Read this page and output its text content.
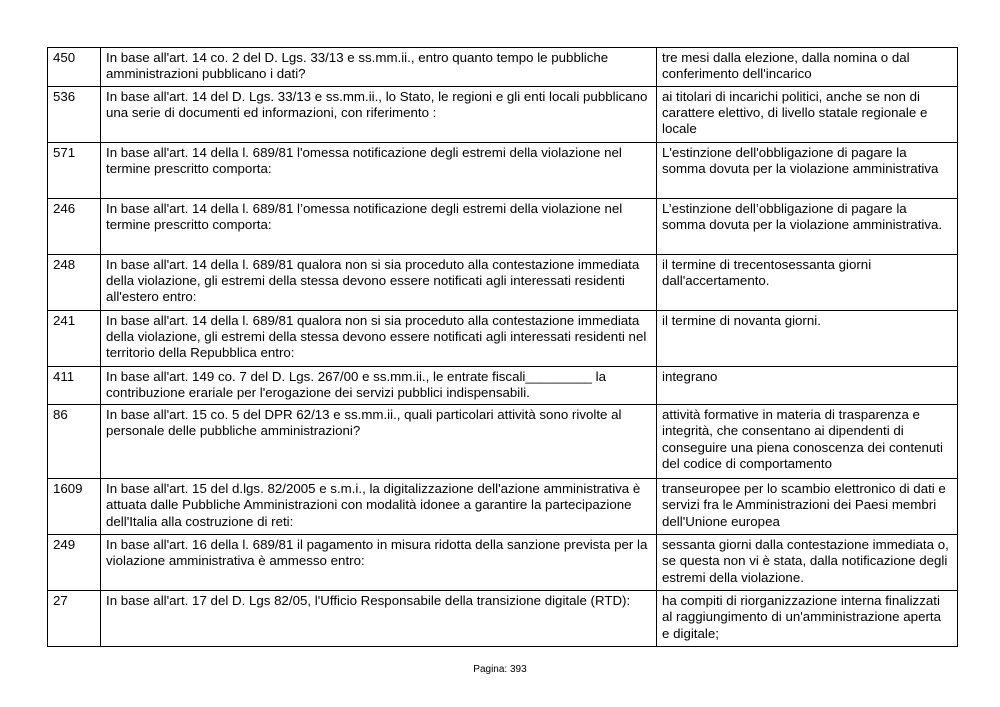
450	In base all'art. 14 co. 2 del D. Lgs. 33/13 e ss.mm.ii., entro quanto tempo le pubbliche amministrazioni pubblicano i dati?	tre mesi dalla elezione, dalla nomina o dal conferimento dell'incarico
536	In base all'art. 14 del D. Lgs. 33/13 e ss.mm.ii., lo Stato, le regioni e gli enti locali pubblicano una serie di documenti ed informazioni, con riferimento :	ai titolari di incarichi politici, anche se non di carattere elettivo, di livello statale regionale e locale
571	In base all'art. 14 della l. 689/81 l'omessa notificazione degli estremi della violazione nel termine prescritto comporta:	L'estinzione dell'obbligazione di pagare la somma dovuta per la violazione amministrativa
246	In base all'art. 14 della l. 689/81 l’omessa notificazione degli estremi della violazione nel termine prescritto comporta:	L’estinzione dell’obbligazione di pagare la somma dovuta per la violazione amministrativa.
248	In base all'art. 14 della l. 689/81 qualora non si sia proceduto alla contestazione immediata della violazione, gli estremi della stessa devono essere notificati agli interessati residenti all'estero entro:	il termine di trecentosessanta giorni dall'accertamento.
241	In base all'art. 14 della l. 689/81 qualora non si sia proceduto alla contestazione immediata della violazione, gli estremi della stessa devono essere notificati agli interessati residenti nel territorio della Repubblica entro:	il termine di novanta giorni.
411	In base all'art. 149 co. 7 del D. Lgs. 267/00 e ss.mm.ii., le entrate fiscali_________ la contribuzione erariale per l'erogazione dei servizi pubblici indispensabili.	integrano
86	In base all'art. 15 co. 5 del DPR 62/13 e ss.mm.ii., quali particolari attività sono rivolte al personale delle pubbliche amministrazioni?	attività formative in materia di trasparenza e integrità, che consentano ai dipendenti di conseguire una piena conoscenza dei contenuti del codice di comportamento
1609	In base all'art. 15 del d.lgs. 82/2005 e s.m.i., la digitalizzazione dell'azione amministrativa è attuata dalle Pubbliche Amministrazioni con modalità idonee a garantire la partecipazione dell'Italia alla costruzione di reti:	transeuropee per lo scambio elettronico di dati e servizi fra le Amministrazioni dei Paesi membri dell'Unione europea
249	In base all'art. 16 della l. 689/81 il pagamento in misura ridotta della sanzione prevista per la violazione amministrativa è ammesso entro:	sessanta giorni dalla contestazione immediata o, se questa non vi è stata, dalla notificazione degli estremi della violazione.
27	In base all'art. 17 del D. Lgs 82/05, l'Ufficio Responsabile della transizione digitale (RTD):	ha compiti di riorganizzazione interna finalizzati al raggiungimento di un'amministrazione aperta e digitale;
Pagina: 393
